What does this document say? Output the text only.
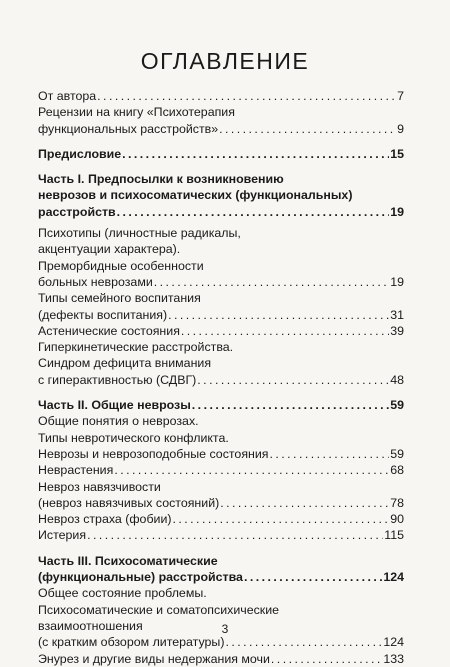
ОГЛАВЛЕНИЕ
От автора . . .	7
Рецензии на книгу «Психотерапия
функциональных расстройств» . . .	9
Предисловие . . .	15
Часть I. Предпосылки к возникновению
неврозов и психосоматических (функциональных)
расстройств . . .	19
Психотипы (личностные радикалы,
акцентуации характера).
Преморбидные особенности
больных неврозами . . .	19
Типы семейного воспитания
(дефекты воспитания) . . .	31
Астенические состояния . . .	39
Гиперкинетические расстройства.
Синдром дефицита внимания
с гиперактивностью (СДВГ) . . .	48
Часть II. Общие неврозы . . .	59
Общие понятия о неврозах.
Типы невротического конфликта.
Неврозы и неврозоподобные состояния . . .	59
Неврастения . . .	68
Невроз навязчивости
(невроз навязчивых состояний) . . .	78
Невроз страха (фобии) . . .	90
Истерия . . .	115
Часть III. Психосоматические
(функциональные) расстройства . . .	124
Общее состояние проблемы.
Психосоматические и соматопсихические
взаимоотношения
(с кратким обзором литературы) . . .	124
Энурез и другие виды недержания мочи . . .	133
3
